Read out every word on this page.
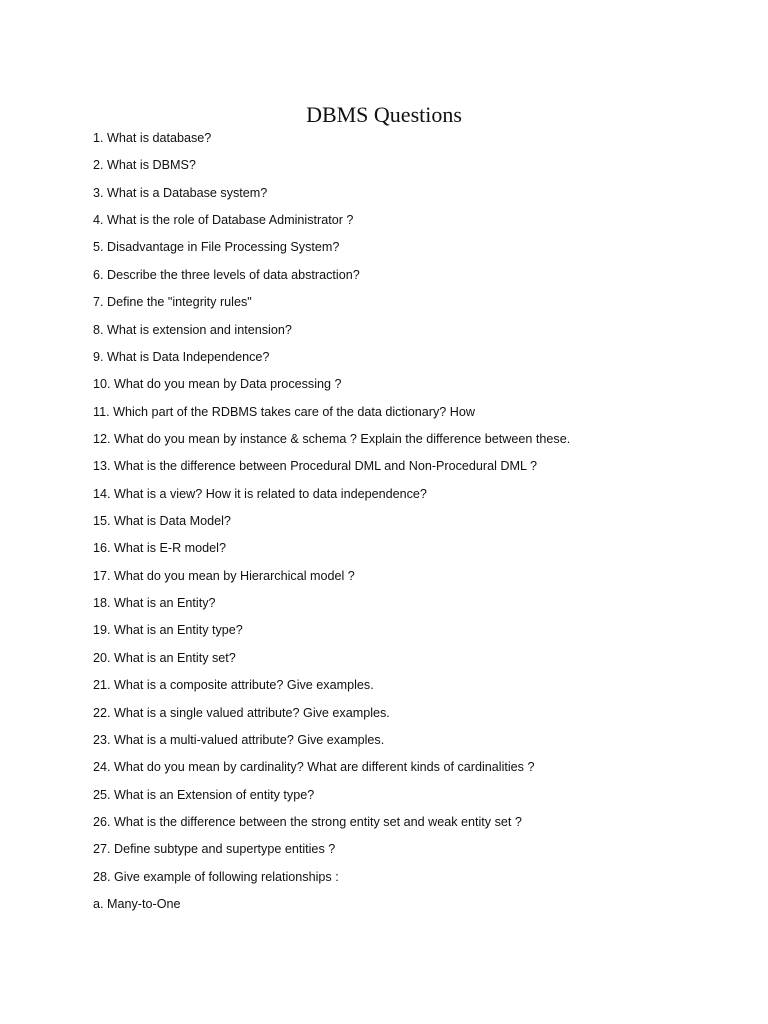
DBMS Questions
1. What is database?
2. What is DBMS?
3. What is a Database system?
4. What is the role of Database Administrator ?
5. Disadvantage in File Processing System?
6. Describe the three levels of data abstraction?
7. Define the "integrity rules"
8. What is extension and intension?
9. What is Data Independence?
10. What do you mean by Data processing ?
11. Which part of the RDBMS takes care of the data dictionary? How
12. What do you mean by instance & schema ? Explain the difference between these.
13. What is the difference between Procedural DML and Non-Procedural DML ?
14. What is a view? How it is related to data independence?
15. What is Data Model?
16. What is E-R model?
17. What do you mean by Hierarchical model ?
18. What is an Entity?
19. What is an Entity type?
20. What is an Entity set?
21. What is a composite attribute? Give examples.
22. What is a single valued attribute? Give examples.
23. What is a multi-valued attribute? Give examples.
24. What do you mean by cardinality? What are different kinds of cardinalities ?
25. What is an Extension of entity type?
26. What is the difference between the strong entity set and weak entity set ?
27. Define subtype and supertype entities ?
28. Give example of following relationships :
a. Many-to-One
